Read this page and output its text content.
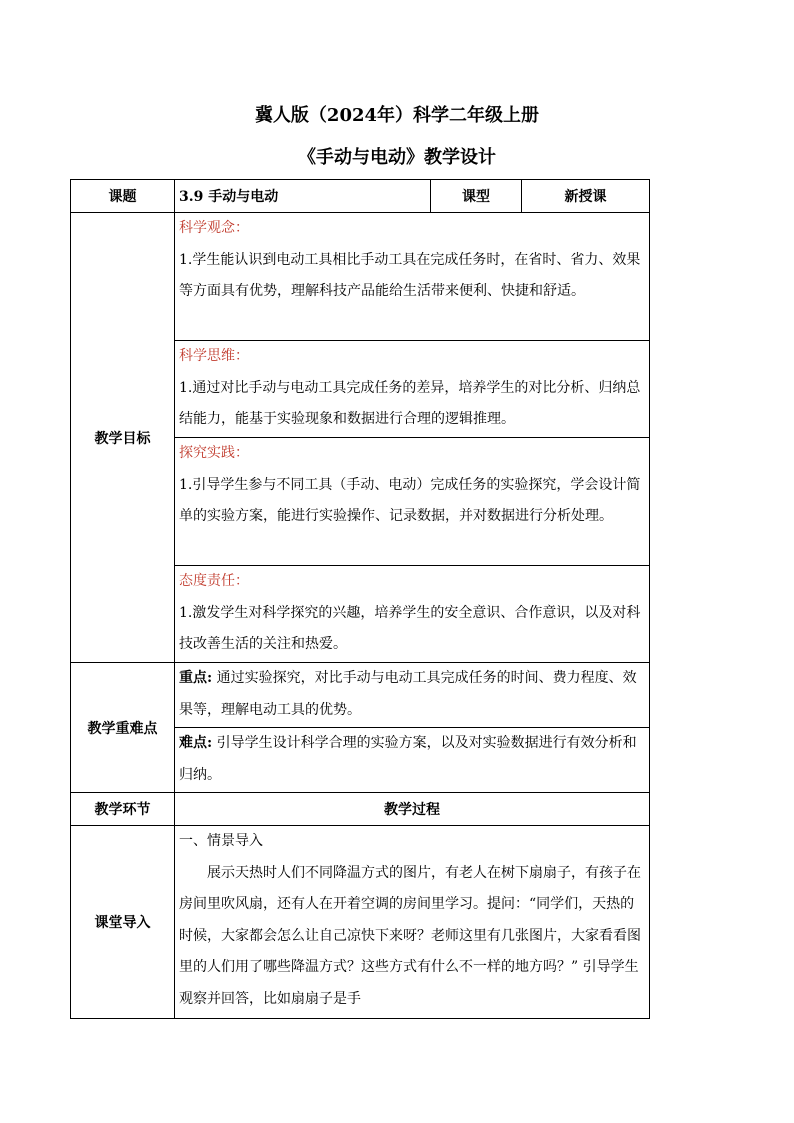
冀人版（2024年）科学二年级上册
《手动与电动》教学设计
课题	3.9 手动与电动	课型	新授课
教学目标	科学观念：
1.学生能认识到电动工具相比手动工具在完成任务时，在省时、省力、效果等方面具有优势，理解科技产品能给生活带来便利、快捷和舒适。		

	科学思维：
1.通过对比手动与电动工具完成任务的差异，培养学生的对比分析、归纳总结能力，能基于实验现象和数据进行合理的逻辑推理。		

	探究实践：
1.引导学生参与不同工具（手动、电动）完成任务的实验探究，学会设计简单的实验方案，能进行实验操作、记录数据，并对数据进行分析处理。		

	态度责任：
1.激发学生对科学探究的兴趣，培养学生的安全意识、合作意识，以及对科技改善生活的关注和热爱。		

教学重难点	重点: 通过实验探究，对比手动与电动工具完成任务的时间、费力程度、效果等，理解电动工具的优势。		
	难点: 引导学生设计科学合理的实验方案，以及对实验数据进行有效分析和归纳。		
教学环节	教学过程		
课堂导入	一、情景导入
展示天热时人们不同降温方式的图片，有老人在树下扇扇子，有孩子在房间里吹风扇，还有人在开着空调的房间里学习。提问：“同学们，天热的时候，大家都会怎么让自己凉快下来呀？老师这里有几张图片，大家看看图里的人们用了哪些降温方式？这些方式有什么不一样的地方吗？” 引导学生观察并回答，比如扇扇子是手		
